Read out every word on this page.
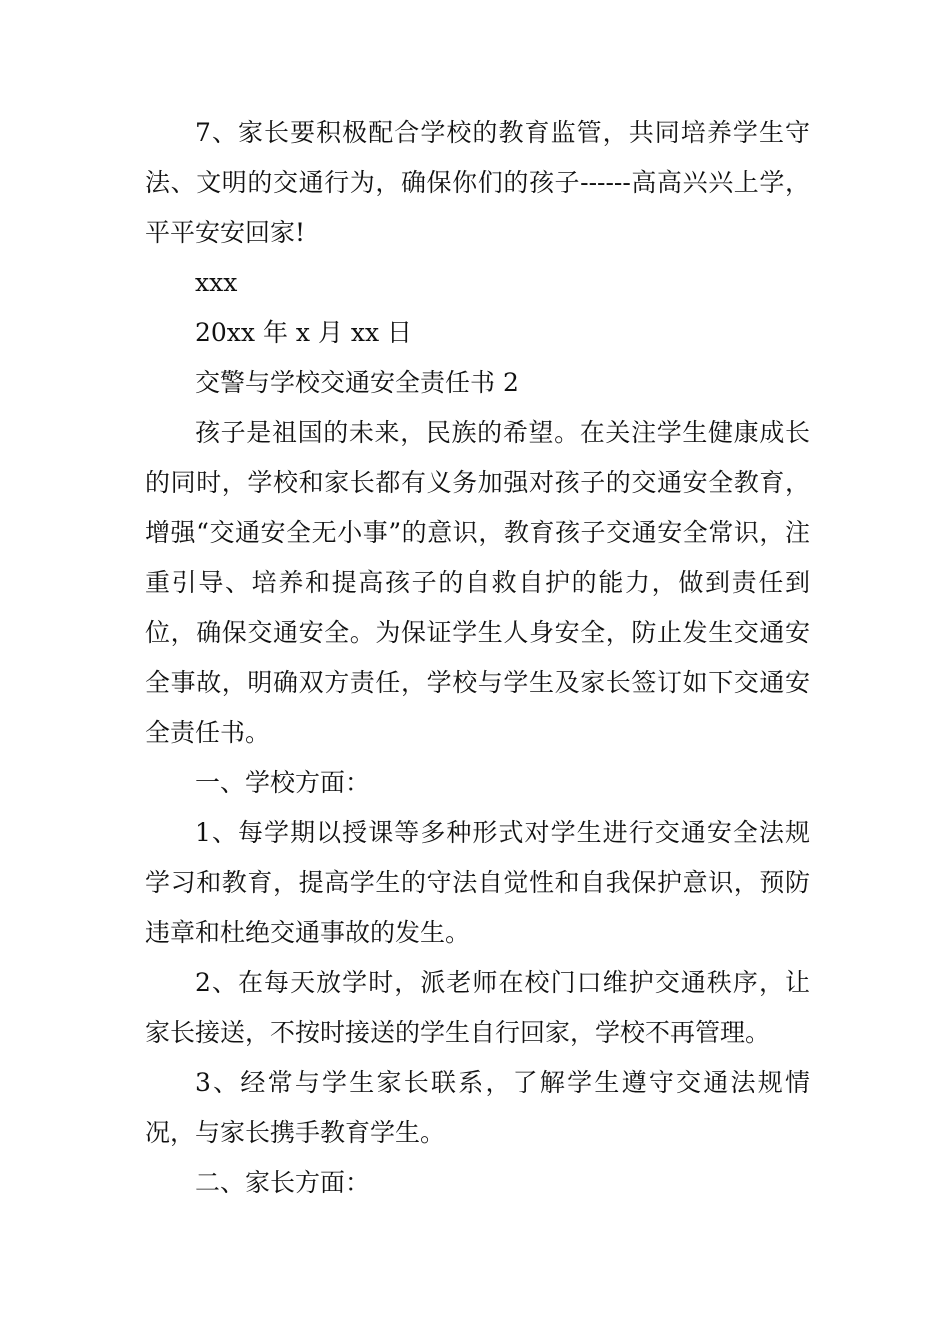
7、家长要积极配合学校的教育监管，共同培养学生守法、文明的交通行为，确保你们的孩子------高高兴兴上学，平平安安回家!

xxx

20xx 年 x 月 xx 日

交警与学校交通安全责任书 2

孩子是祖国的未来，民族的希望。在关注学生健康成长的同时，学校和家长都有义务加强对孩子的交通安全教育，增强“交通安全无小事”的意识，教育孩子交通安全常识，注重引导、培养和提高孩子的自救自护的能力，做到责任到位，确保交通安全。为保证学生人身安全，防止发生交通安全事故，明确双方责任，学校与学生及家长签订如下交通安全责任书。

一、学校方面：

1、每学期以授课等多种形式对学生进行交通安全法规学习和教育，提高学生的守法自觉性和自我保护意识，预防违章和杜绝交通事故的发生。

2、在每天放学时，派老师在校门口维护交通秩序，让家长接送，不按时接送的学生自行回家，学校不再管理。

3、经常与学生家长联系，了解学生遵守交通法规情况，与家长携手教育学生。

二、家长方面：
